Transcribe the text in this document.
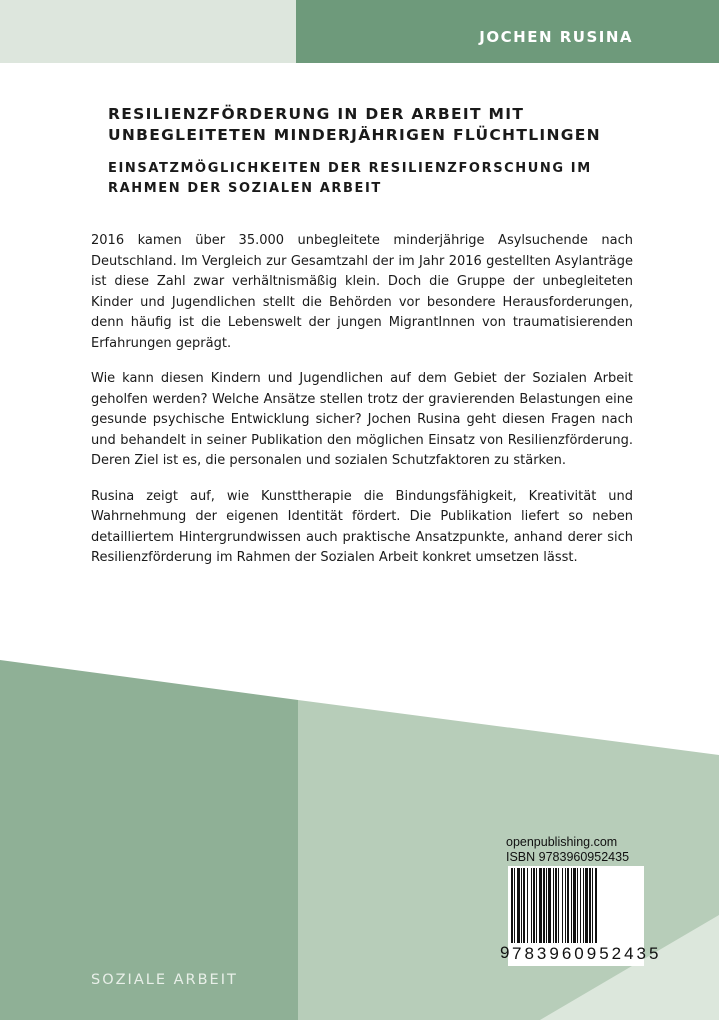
JOCHEN RUSINA
RESILIENZFÖRDERUNG IN DER ARBEIT MIT
UNBEGLEITETEN MINDERJÄHRIGEN FLÜCHTLINGEN
EINSATZMÖGLICHKEITEN DER RESILIENZFORSCHUNG IM
RAHMEN DER SOZIALEN ARBEIT

2016 kamen über 35.000 unbegleitete minderjährige Asylsuchende nach Deutschland. Im Vergleich zur Gesamtzahl der im Jahr 2016 gestellten Asylanträge ist diese Zahl zwar verhältnismäßig klein. Doch die Gruppe der unbegleiteten Kinder und Jugendlichen stellt die Behörden vor besondere Herausforderungen, denn häufig ist die Lebenswelt der jungen MigrantInnen von traumatisierenden Erfahrungen geprägt.

Wie kann diesen Kindern und Jugendlichen auf dem Gebiet der Sozialen Arbeit geholfen werden? Welche Ansätze stellen trotz der gravierenden Belastungen eine gesunde psychische Entwicklung sicher? Jochen Rusina geht diesen Fragen nach und behandelt in seiner Publikation den möglichen Einsatz von Resilienzförderung. Deren Ziel ist es, die personalen und sozialen Schutzfaktoren zu stärken.

Rusina zeigt auf, wie Kunsttherapie die Bindungsfähigkeit, Kreativität und Wahrnehmung der eigenen Identität fördert. Die Publikation liefert so neben detailliertem Hintergrundwissen auch praktische Ansatzpunkte, anhand derer sich Resilienzförderung im Rahmen der Sozialen Arbeit konkret umsetzen lässt.

SOZIALE ARBEIT
openpublishing.com
ISBN 9783960952435
9 783960 952435
